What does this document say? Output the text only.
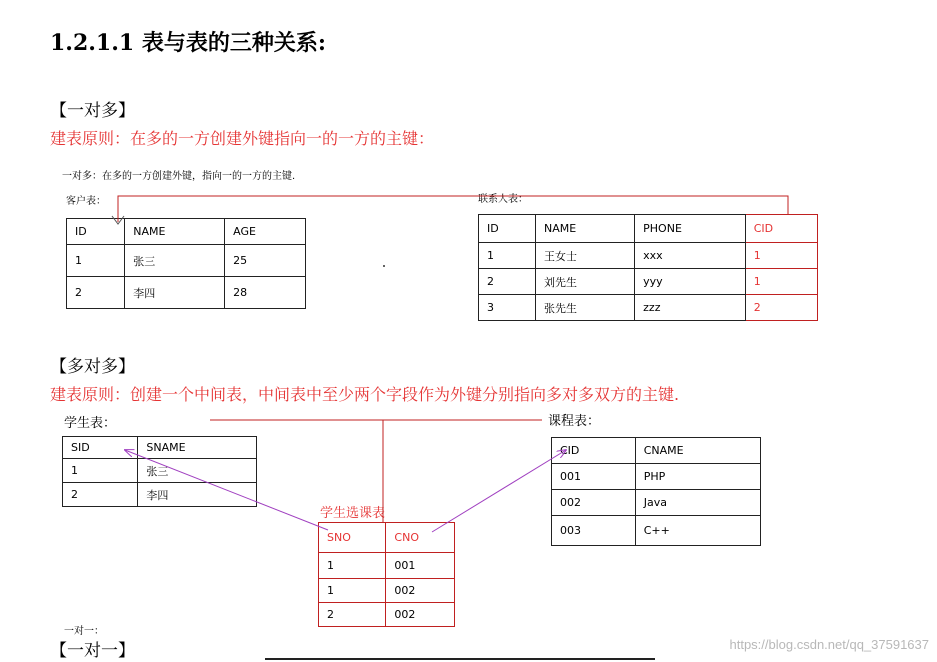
1.2.1.1 表与表的三种关系:
【一对多】
建表原则：在多的一方创建外键指向一的一方的主键：
一对多：在多的一方创建外键，指向一的一方的主键.
客户表：	联系人表：
ID	NAME	AGE
1	张三	25
2	李四	28
ID	NAME	PHONE	CID
1	王女士	xxx	1
2	刘先生	yyy	1
3	张先生	zzz	2
【多对多】
建表原则：创建一个中间表，中间表中至少两个字段作为外键分别指向多对多双方的主键.
学生表：	课程表：
学生选课表
SID	SNAME
1	张三
2	李四
CID	CNAME
001	PHP
002	Java
003	C++
SNO	CNO
1	001
1	002
2	002
一对一：
【一对一】	https://blog.csdn.net/qq_37591637
